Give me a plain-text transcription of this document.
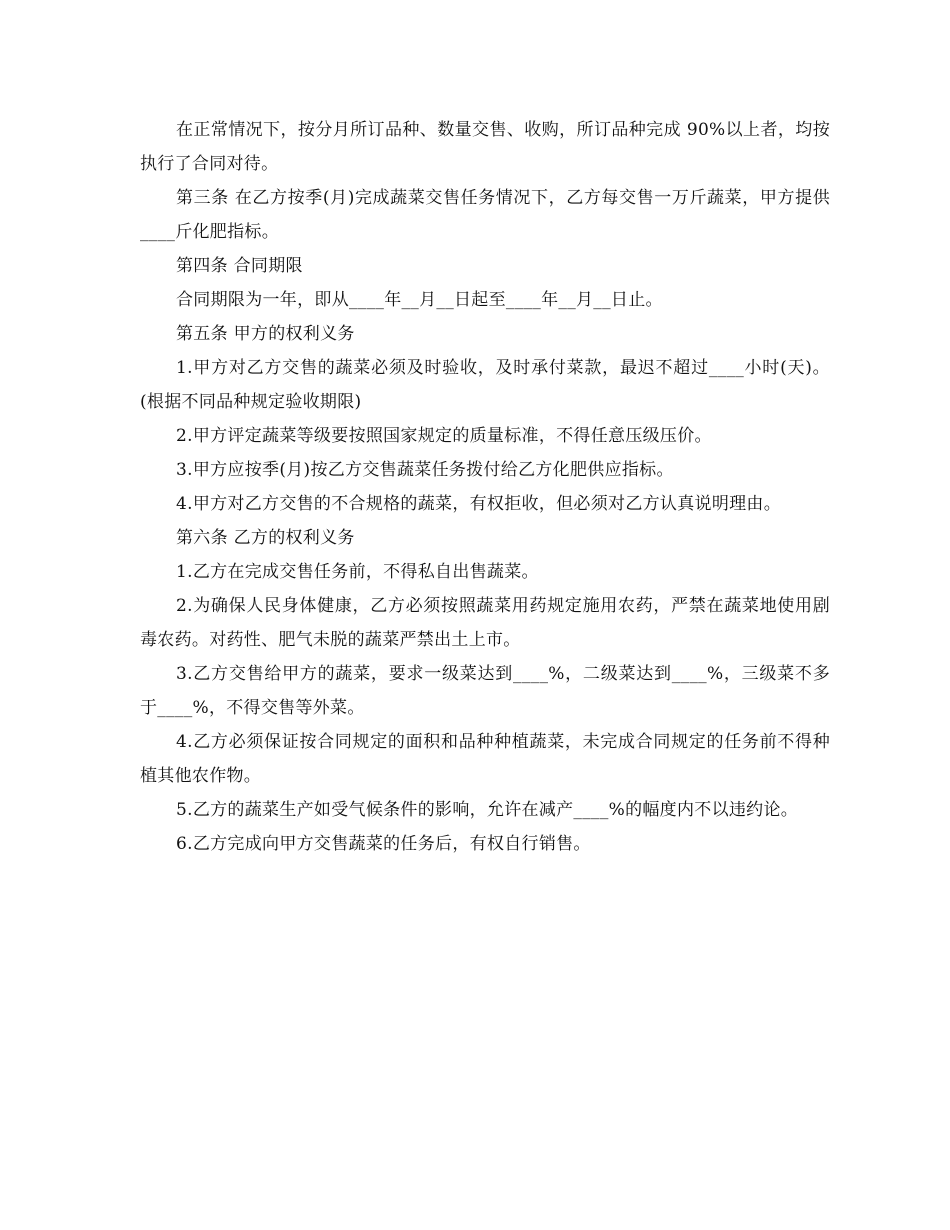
在正常情况下，按分月所订品种、数量交售、收购，所订品种完成 90%以上者，均按执行了合同对待。

第三条 在乙方按季(月)完成蔬菜交售任务情况下，乙方每交售一万斤蔬菜，甲方提供____斤化肥指标。

第四条 合同期限

合同期限为一年，即从____年__月__日起至____年__月__日止。

第五条 甲方的权利义务

1.甲方对乙方交售的蔬菜必须及时验收，及时承付菜款，最迟不超过____小时(天)。 (根据不同品种规定验收期限)

2.甲方评定蔬菜等级要按照国家规定的质量标准，不得任意压级压价。

3.甲方应按季(月)按乙方交售蔬菜任务拨付给乙方化肥供应指标。

4.甲方对乙方交售的不合规格的蔬菜，有权拒收，但必须对乙方认真说明理由。

第六条 乙方的权利义务

1.乙方在完成交售任务前，不得私自出售蔬菜。

2.为确保人民身体健康，乙方必须按照蔬菜用药规定施用农药，严禁在蔬菜地使用剧毒农药。对药性、肥气未脱的蔬菜严禁出土上市。

3.乙方交售给甲方的蔬菜，要求一级菜达到____%，二级菜达到____%，三级菜不多于____%，不得交售等外菜。

4.乙方必须保证按合同规定的面积和品种种植蔬菜，未完成合同规定的任务前不得种植其他农作物。

5.乙方的蔬菜生产如受气候条件的影响，允许在减产____%的幅度内不以违约论。

6.乙方完成向甲方交售蔬菜的任务后，有权自行销售。
